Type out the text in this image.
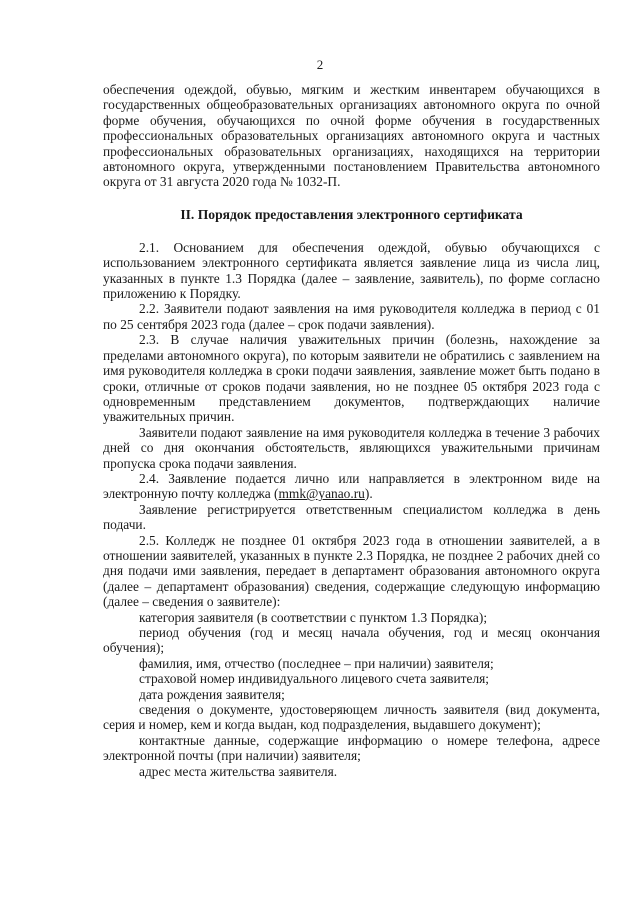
2

обеспечения одеждой, обувью, мягким и жестким инвентарем обучающихся в государственных общеобразовательных организациях автономного округа по очной форме обучения, обучающихся по очной форме обучения в государственных профессиональных образовательных организациях автономного округа и частных профессиональных образовательных организациях, находящихся на территории автономного округа, утвержденными постановлением Правительства автономного округа от 31 августа 2020 года № 1032-П.

II. Порядок предоставления электронного сертификата

2.1. Основанием для обеспечения одеждой, обувью обучающихся с использованием электронного сертификата является заявление лица из числа лиц, указанных в пункте 1.3 Порядка (далее – заявление, заявитель), по форме согласно приложению к Порядку.

2.2. Заявители подают заявления на имя руководителя колледжа в период с 01 по 25 сентября 2023 года (далее – срок подачи заявления).

2.3. В случае наличия уважительных причин (болезнь, нахождение за пределами автономного округа), по которым заявители не обратились с заявлением на имя руководителя колледжа в сроки подачи заявления, заявление может быть подано в сроки, отличные от сроков подачи заявления, но не позднее 05 октября 2023 года с одновременным представлением документов, подтверждающих наличие уважительных причин.

Заявители подают заявление на имя руководителя колледжа в течение 3 рабочих дней со дня окончания обстоятельств, являющихся уважительными причинам пропуска срока подачи заявления.

2.4. Заявление подается лично или направляется в электронном виде на электронную почту колледжа (mmk@yanao.ru).

Заявление регистрируется ответственным специалистом колледжа в день подачи.

2.5. Колледж не позднее 01 октября 2023 года в отношении заявителей, а в отношении заявителей, указанных в пункте 2.3 Порядка, не позднее 2 рабочих дней со дня подачи ими заявления, передает в департамент образования автономного округа (далее – департамент образования) сведения, содержащие следующую информацию (далее – сведения о заявителе):

категория заявителя (в соответствии с пунктом 1.3 Порядка);

период обучения (год и месяц начала обучения, год и месяц окончания обучения);

фамилия, имя, отчество (последнее – при наличии) заявителя;

страховой номер индивидуального лицевого счета заявителя;

дата рождения заявителя;

сведения о документе, удостоверяющем личность заявителя (вид документа, серия и номер, кем и когда выдан, код подразделения, выдавшего документ);

контактные данные, содержащие информацию о номере телефона, адресе электронной почты (при наличии) заявителя;

адрес места жительства заявителя.
